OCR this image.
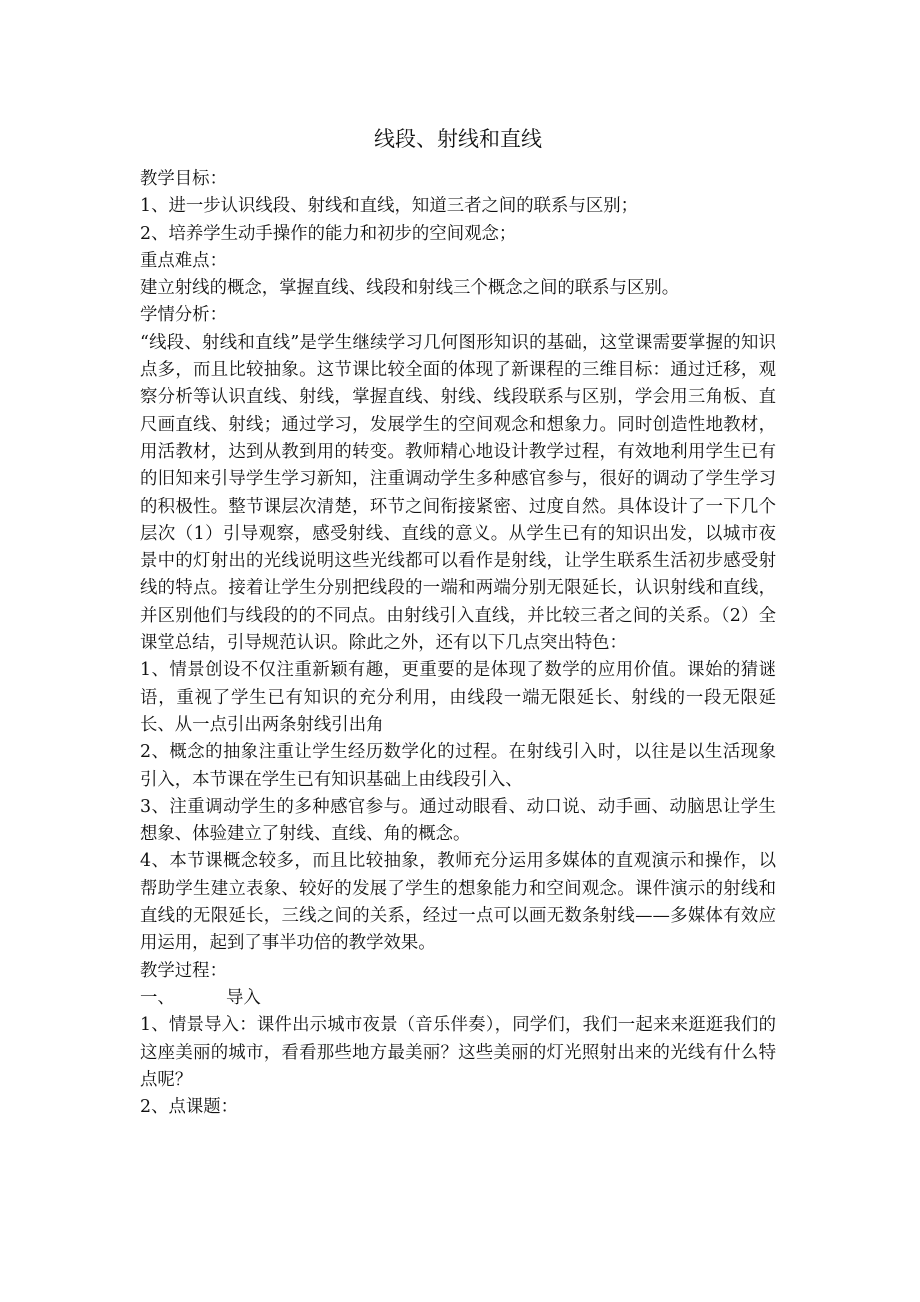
线段、射线和直线

教学目标：

1、进一步认识线段、射线和直线，知道三者之间的联系与区别；

2、培养学生动手操作的能力和初步的空间观念；

重点难点：

建立射线的概念，掌握直线、线段和射线三个概念之间的联系与区别。

学情分析：

“线段、射线和直线”是学生继续学习几何图形知识的基础，这堂课需要掌握的知识点多，而且比较抽象。这节课比较全面的体现了新课程的三维目标：通过迁移，观察分析等认识直线、射线，掌握直线、射线、线段联系与区别，学会用三角板、直尺画直线、射线；通过学习，发展学生的空间观念和想象力。同时创造性地教材，用活教材，达到从教到用的转变。教师精心地设计教学过程，有效地利用学生已有的旧知来引导学生学习新知，注重调动学生多种感官参与，很好的调动了学生学习的积极性。整节课层次清楚，环节之间衔接紧密、过度自然。具体设计了一下几个层次（1）引导观察，感受射线、直线的意义。从学生已有的知识出发，以城市夜景中的灯射出的光线说明这些光线都可以看作是射线，让学生联系生活初步感受射线的特点。接着让学生分别把线段的一端和两端分别无限延长，认识射线和直线，并区别他们与线段的的不同点。由射线引入直线，并比较三者之间的关系。（2）全课堂总结，引导规范认识。除此之外，还有以下几点突出特色：

1、情景创设不仅注重新颖有趣，更重要的是体现了数学的应用价值。课始的猜谜语，重视了学生已有知识的充分利用，由线段一端无限延长、射线的一段无限延长、从一点引出两条射线引出角

2、概念的抽象注重让学生经历数学化的过程。在射线引入时，以往是以生活现象引入，本节课在学生已有知识基础上由线段引入、

3、注重调动学生的多种感官参与。通过动眼看、动口说、动手画、动脑思让学生想象、体验建立了射线、直线、角的概念。

4、本节课概念较多，而且比较抽象，教师充分运用多媒体的直观演示和操作，以帮助学生建立表象、较好的发展了学生的想象能力和空间观念。课件演示的射线和直线的无限延长，三线之间的关系，经过一点可以画无数条射线——多媒体有效应用运用，起到了事半功倍的教学效果。

教学过程：

一、	导入

1、情景导入：课件出示城市夜景（音乐伴奏），同学们，我们一起来来逛逛我们的这座美丽的城市，看看那些地方最美丽？这些美丽的灯光照射出来的光线有什么特点呢？

2、点课题：
